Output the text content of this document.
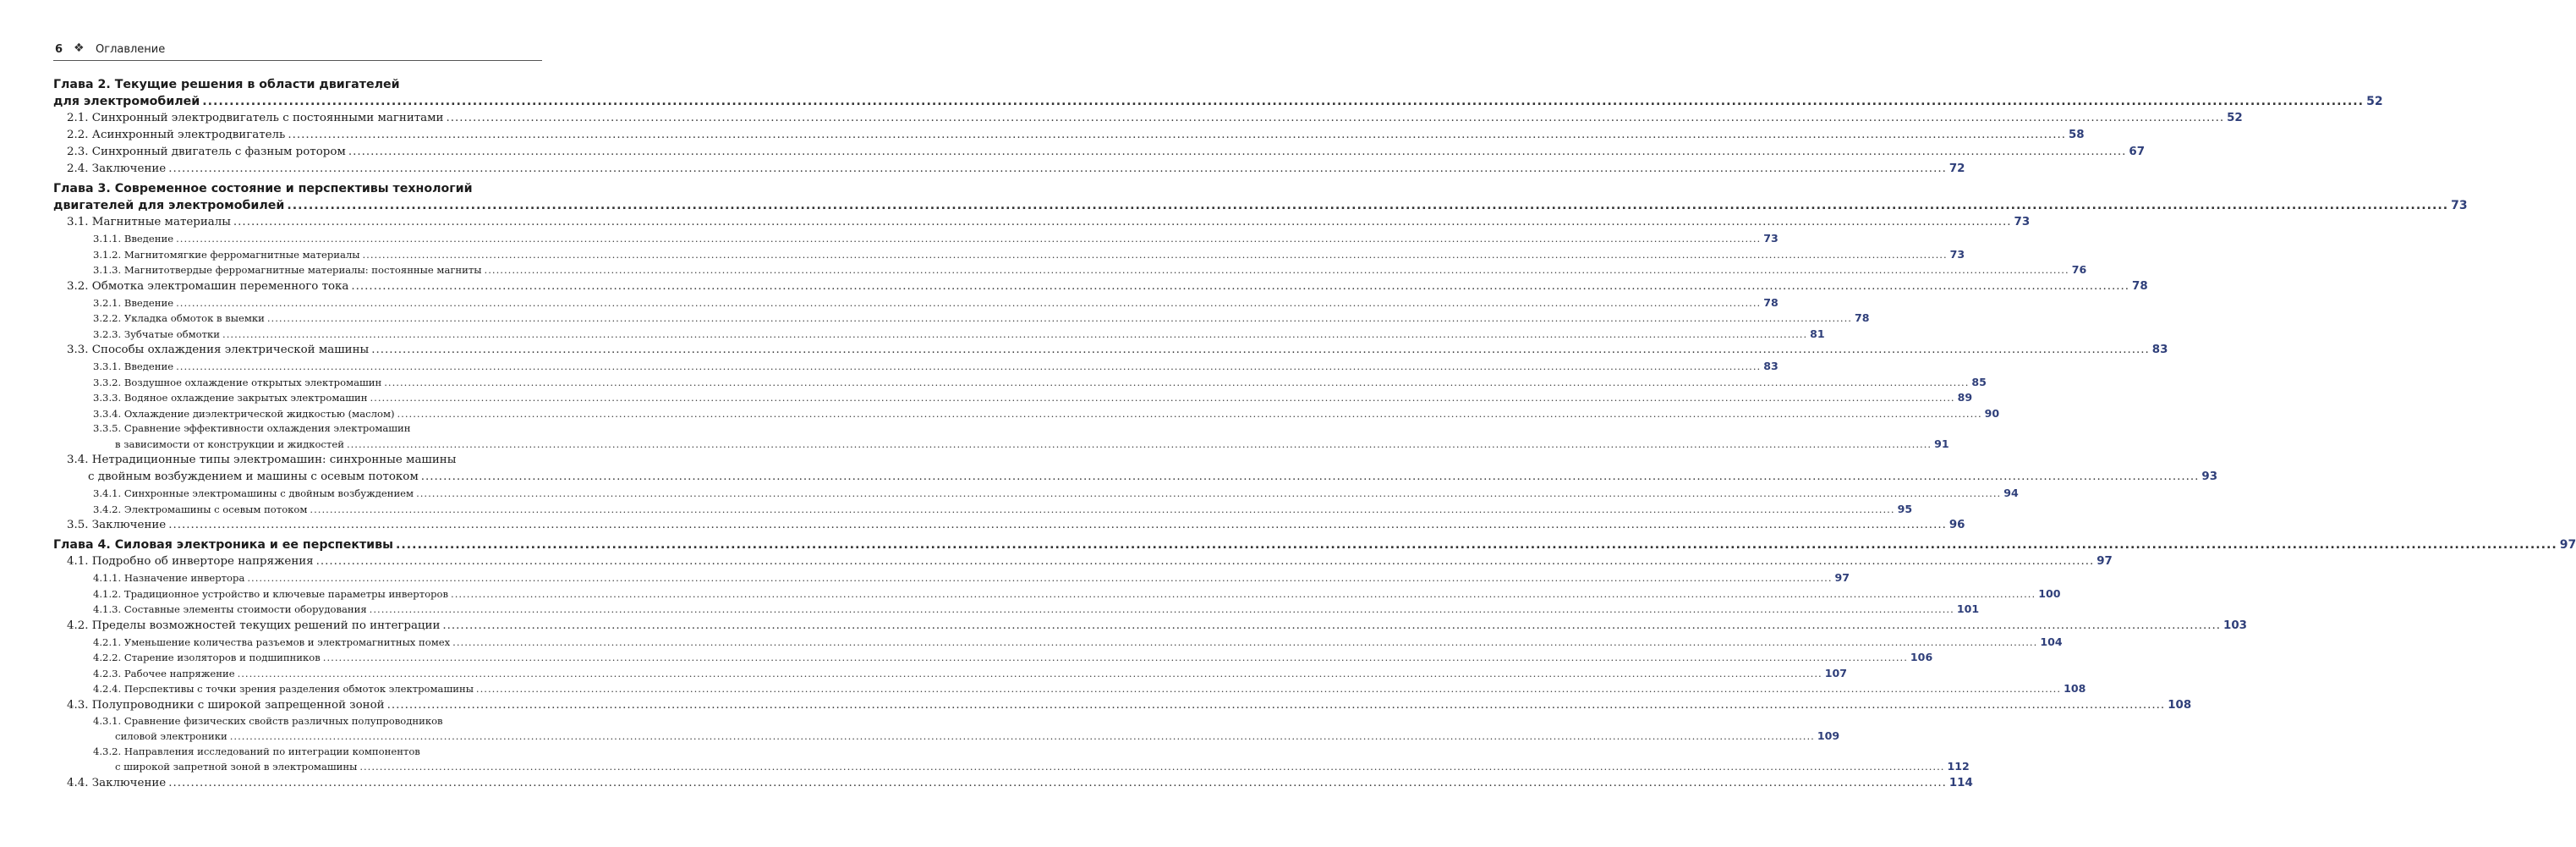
6 ❖ Оглавление
Глава 2. Текущие решения в области двигателей
для электромобилей ................................................................................................................................................................................................................................................................................................................................................................................................................ 52
2.1. Синхронный электродвигатель с постоянными магнитами ................................................................................................................................................................................................................................................................................................................................................................................................................ 52
2.2. Асинхронный электродвигатель ................................................................................................................................................................................................................................................................................................................................................................................................................ 58
2.3. Синхронный двигатель с фазным ротором ................................................................................................................................................................................................................................................................................................................................................................................................................ 67
2.4. Заключение ................................................................................................................................................................................................................................................................................................................................................................................................................ 72
Глава 3. Современное состояние и перспективы технологий
двигателей для электромобилей ................................................................................................................................................................................................................................................................................................................................................................................................................ 73
3.1. Магнитные материалы ................................................................................................................................................................................................................................................................................................................................................................................................................ 73
3.1.1. Введение ................................................................................................................................................................................................................................................................................................................................................................................................................ 73
3.1.2. Магнитомягкие ферромагнитные материалы ................................................................................................................................................................................................................................................................................................................................................................................................................ 73
3.1.3. Магнитотвердые ферромагнитные материалы: постоянные магниты ................................................................................................................................................................................................................................................................................................................................................................................................................ 76
3.2. Обмотка электромашин переменного тока ................................................................................................................................................................................................................................................................................................................................................................................................................ 78
3.2.1. Введение ................................................................................................................................................................................................................................................................................................................................................................................................................ 78
3.2.2. Укладка обмоток в выемки ................................................................................................................................................................................................................................................................................................................................................................................................................ 78
3.2.3. Зубчатые обмотки ................................................................................................................................................................................................................................................................................................................................................................................................................ 81
3.3. Способы охлаждения электрической машины ................................................................................................................................................................................................................................................................................................................................................................................................................ 83
3.3.1. Введение ................................................................................................................................................................................................................................................................................................................................................................................................................ 83
3.3.2. Воздушное охлаждение открытых электромашин ................................................................................................................................................................................................................................................................................................................................................................................................................ 85
3.3.3. Водяное охлаждение закрытых электромашин ................................................................................................................................................................................................................................................................................................................................................................................................................ 89
3.3.4. Охлаждение диэлектрической жидкостью (маслом) ................................................................................................................................................................................................................................................................................................................................................................................................................ 90
3.3.5. Сравнение эффективности охлаждения электромашин
в зависимости от конструкции и жидкостей ................................................................................................................................................................................................................................................................................................................................................................................................................ 91
3.4. Нетрадиционные типы электромашин: синхронные машины
с двойным возбуждением и машины с осевым потоком ................................................................................................................................................................................................................................................................................................................................................................................................................ 93
3.4.1. Синхронные электромашины с двойным возбуждением ................................................................................................................................................................................................................................................................................................................................................................................................................ 94
3.4.2. Электромашины с осевым потоком ................................................................................................................................................................................................................................................................................................................................................................................................................ 95
3.5. Заключение ................................................................................................................................................................................................................................................................................................................................................................................................................ 96
Глава 4. Силовая электроника и ее перспективы ................................................................................................................................................................................................................................................................................................................................................................................................................ 97
4.1. Подробно об инверторе напряжения ................................................................................................................................................................................................................................................................................................................................................................................................................ 97
4.1.1. Назначение инвертора ................................................................................................................................................................................................................................................................................................................................................................................................................ 97
4.1.2. Традиционное устройство и ключевые параметры инверторов ................................................................................................................................................................................................................................................................................................................................................................................................................ 100
4.1.3. Составные элементы стоимости оборудования ................................................................................................................................................................................................................................................................................................................................................................................................................ 101
4.2. Пределы возможностей текущих решений по интеграции ................................................................................................................................................................................................................................................................................................................................................................................................................ 103
4.2.1. Уменьшение количества разъемов и электромагнитных помех ................................................................................................................................................................................................................................................................................................................................................................................................................ 104
4.2.2. Старение изоляторов и подшипников ................................................................................................................................................................................................................................................................................................................................................................................................................ 106
4.2.3. Рабочее напряжение ................................................................................................................................................................................................................................................................................................................................................................................................................ 107
4.2.4. Перспективы с точки зрения разделения обмоток электромашины ................................................................................................................................................................................................................................................................................................................................................................................................................ 108
4.3. Полупроводники с широкой запрещенной зоной ................................................................................................................................................................................................................................................................................................................................................................................................................ 108
4.3.1. Сравнение физических свойств различных полупроводников
силовой электроники ................................................................................................................................................................................................................................................................................................................................................................................................................ 109
4.3.2. Направления исследований по интеграции компонентов
с широкой запретной зоной в электромашины ................................................................................................................................................................................................................................................................................................................................................................................................................ 112
4.4. Заключение ................................................................................................................................................................................................................................................................................................................................................................................................................ 114
